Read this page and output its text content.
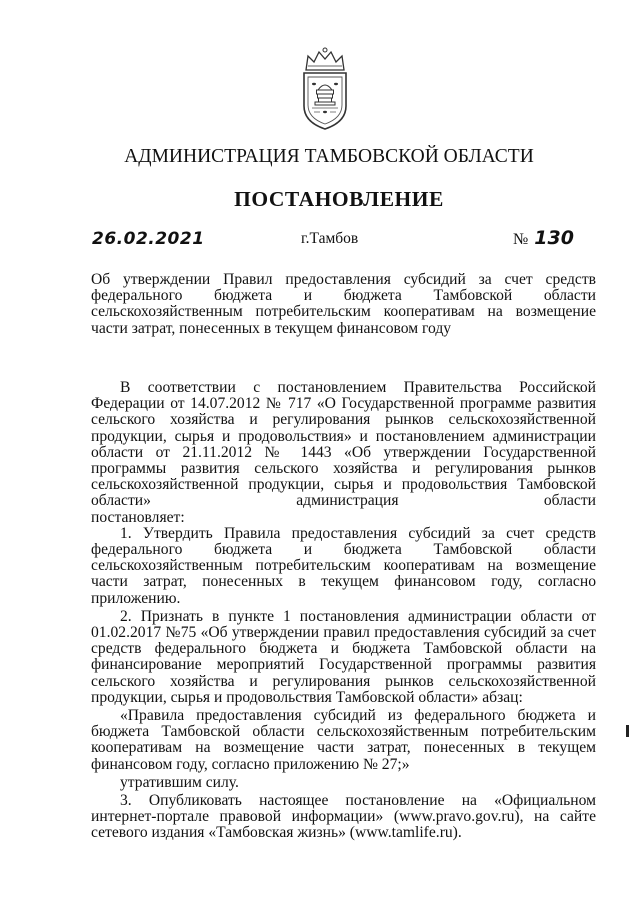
АДМИНИСТРАЦИЯ ТАМБОВСКОЙ ОБЛАСТИ
ПОСТАНОВЛЕНИЕ
26.02.2021	г.Тамбов	№ 130

Об утверждении Правил предоставления субсидий за счет средств федерального бюджета и бюджета Тамбовской области сельскохозяйственным потребительским кооперативам на возмещение части затрат, понесенных в текущем финансовом году

В соответствии с постановлением Правительства Российской Федерации от 14.07.2012 № 717 «О Государственной программе развития сельского хозяйства и регулирования рынков сельскохозяйственной продукции, сырья и продовольствия» и постановлением администрации области от 21.11.2012 № 1443 «Об утверждении Государственной программы развития сельского хозяйства и регулирования рынков сельскохозяйственной продукции, сырья и продовольствия Тамбовской области» администрация области

постановляет:

1. Утвердить Правила предоставления субсидий за счет средств федерального бюджета и бюджета Тамбовской области сельскохозяйственным потребительским кооперативам на возмещение части затрат, понесенных в текущем финансовом году, согласно приложению.

2. Признать в пункте 1 постановления администрации области от 01.02.2017 №75 «Об утверждении правил предоставления субсидий за счет средств федерального бюджета и бюджета Тамбовской области на финансирование мероприятий Государственной программы развития сельского хозяйства и регулирования рынков сельскохозяйственной продукции, сырья и продовольствия Тамбовской области» абзац:

«Правила предоставления субсидий из федерального бюджета и бюджета Тамбовской области сельскохозяйственным потребительским кооперативам на возмещение части затрат, понесенных в текущем финансовом году, согласно приложению № 27;»

утратившим силу.

3. Опубликовать настоящее постановление на «Официальном интернет-портале правовой информации» (www.pravo.gov.ru), на сайте сетевого издания «Тамбовская жизнь» (www.tamlife.ru).
